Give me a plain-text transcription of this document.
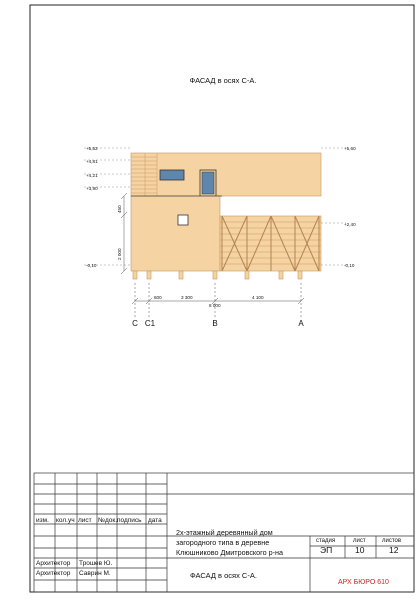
ФАСАД в осях С-А.
+5,52
+4,81
+4,21
+3,90
-0,10
+5,60
+2,40
-0,10
450
2 000
600	3 300	4 100
8 000
C C1	B	A
изм. кол.уч лист №док. подпись дата
2х-этажный деревянный дом
загородного типа в деревне
Клюшниково Дмитровского р-на
стадия	лист	листов
ЭП	10	12
Архитектор Трошев Ю.
Архитектор Саврин М.	ФАСАД в осях С-А.
АРХ БЮРО 610
